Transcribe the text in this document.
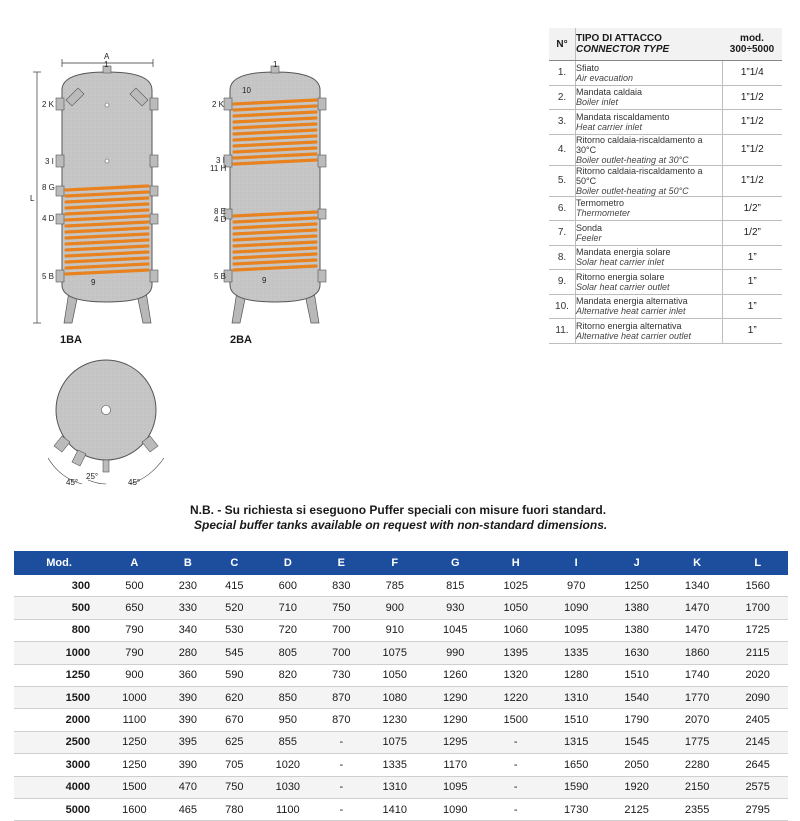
A
1
2 K
3 I
8 G
L
4 D
5 B
9
1BA
1
10
2 K
3 I
11 H
8 E
4 D
5 B	9
2BA
45°
25°
45°
N°	TIPO DI ATTACCO
CONNECTOR TYPE	mod.
300÷5000

1.	Sfiato
Air evacuation	1”1/4
2.	Mandata caldaia
Boiler inlet	1”1/2
3.	Mandata riscaldamento
Heat carrier inlet	1”1/2
4.	Ritorno caldaia-riscaldamento a 30°C
Boiler outlet-heating at 30°C	1”1/2
5.	Ritorno caldaia-riscaldamento a 50°C
Boiler outlet-heating at 50°C	1”1/2
6.	Termometro
Thermometer	1/2”
7.	Sonda
Feeler	1/2”
8.	Mandata energia solare
Solar heat carrier inlet	1”
9.	Ritorno energia solare
Solar heat carrier outlet	1”
10.	Mandata energia alternativa
Alternative heat carrier inlet	1”
11.	Ritorno energia alternativa
Alternative heat carrier outlet	1”
N.B. - Su richiesta si eseguono Puffer speciali con misure fuori standard.
Special buffer tanks available on request with non-standard dimensions.
Mod.	A	B	C	D	E	F	G	H	I	J	K	L
300	500	230	415	600	830	785	815	1025	970	1250	1340	1560
500	650	330	520	710	750	900	930	1050	1090	1380	1470	1700
800	790	340	530	720	700	910	1045	1060	1095	1380	1470	1725
1000	790	280	545	805	700	1075	990	1395	1335	1630	1860	2115
1250	900	360	590	820	730	1050	1260	1320	1280	1510	1740	2020
1500	1000	390	620	850	870	1080	1290	1220	1310	1540	1770	2090
2000	1100	390	670	950	870	1230	1290	1500	1510	1790	2070	2405
2500	1250	395	625	855	-	1075	1295	-	1315	1545	1775	2145
3000	1250	390	705	1020	-	1335	1170	-	1650	2050	2280	2645
4000	1500	470	750	1030	-	1310	1095	-	1590	1920	2150	2575
5000	1600	465	780	1100	-	1410	1090	-	1730	2125	2355	2795
